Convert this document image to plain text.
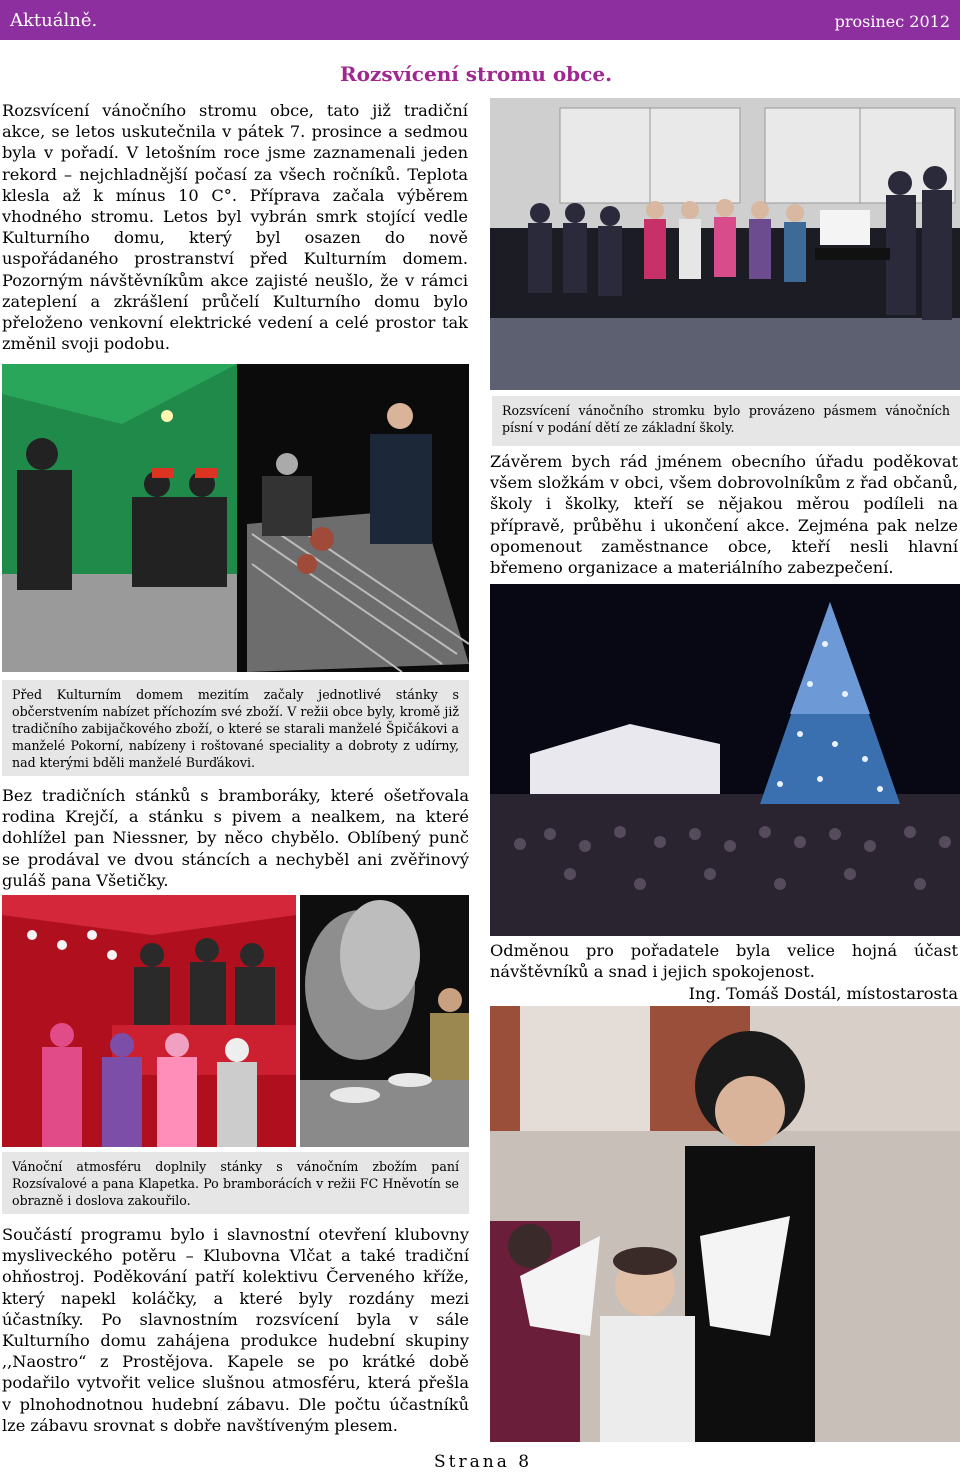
Aktuálně.	prosinec 2012
Rozsvícení stromu obce.
Rozsvícení vánočního stromu obce, tato již tradiční akce, se letos uskutečnila v pátek 7. prosince a sedmou byla v pořadí. V letošním roce jsme zaznamenali jeden rekord – nejchladnější počasí za všech ročníků. Teplota klesla až k mínus 10 C°. Příprava začala výběrem vhodného stromu. Letos byl vybrán smrk stojící vedle Kulturního domu, který byl osazen do nově uspořádaného prostranství před Kulturním domem. Pozorným návštěvníkům akce zajisté neušlo, že v rámci zateplení a zkrášlení průčelí Kulturního domu bylo přeloženo venkovní elektrické vedení a celé prostor tak změnil svoji podobu.
Rozsvícení vánočního stromku bylo provázeno pásmem vánočních písní v podání dětí ze základní školy.
Závěrem bych rád jménem obecního úřadu poděkovat všem složkám v obci, všem dobrovolníkům z řad občanů, školy i školky, kteří se nějakou měrou podíleli na přípravě, průběhu i ukončení akce. Zejména pak nelze opomenout zaměstnance obce, kteří nesli hlavní břemeno organizace a materiálního zabezpečení.
Před Kulturním domem mezitím začaly jednotlivé stánky s občerstvením nabízet příchozím své zboží. V režii obce byly, kromě již tradičního zabijačkového zboží, o které se starali manželé Špičákovi a manželé Pokorní, nabízeny i roštované speciality a dobroty z udírny, nad kterými bděli manželé Burďákovi.
Bez tradičních stánků s bramboráky, které ošetřovala rodina Krejčí, a stánku s pivem a nealkem, na které dohlížel pan Niessner, by něco chybělo. Oblíbený punč se prodával ve dvou stáncích a nechyběl ani zvěřinový guláš pana Všetičky.
Odměnou pro pořadatele byla velice hojná účast návštěvníků a snad i jejich spokojenost.
Ing. Tomáš Dostál, místostarosta
Vánoční atmosféru doplnily stánky s vánočním zbožím paní Rozsívalové a pana Klapetka. Po bramborácích v režii FC Hněvotín se obrazně i doslova zakouřilo.
Součástí programu bylo i slavnostní otevření klubovny mysliveckého potěru – Klubovna Vlčat a také tradiční ohňostroj. Poděkování patří kolektivu Červeného kříže, který napekl koláčky, a které byly rozdány mezi účastníky. Po slavnostním rozsvícení byla v sále Kulturního domu zahájena produkce hudební skupiny ,,Naostro“ z Prostějova. Kapele se po krátké době podařilo vytvořit velice slušnou atmosféru, která přešla v plnohodnotnou hudební zábavu. Dle počtu účastníků lze zábavu srovnat s dobře navštíveným plesem.
Strana 8
